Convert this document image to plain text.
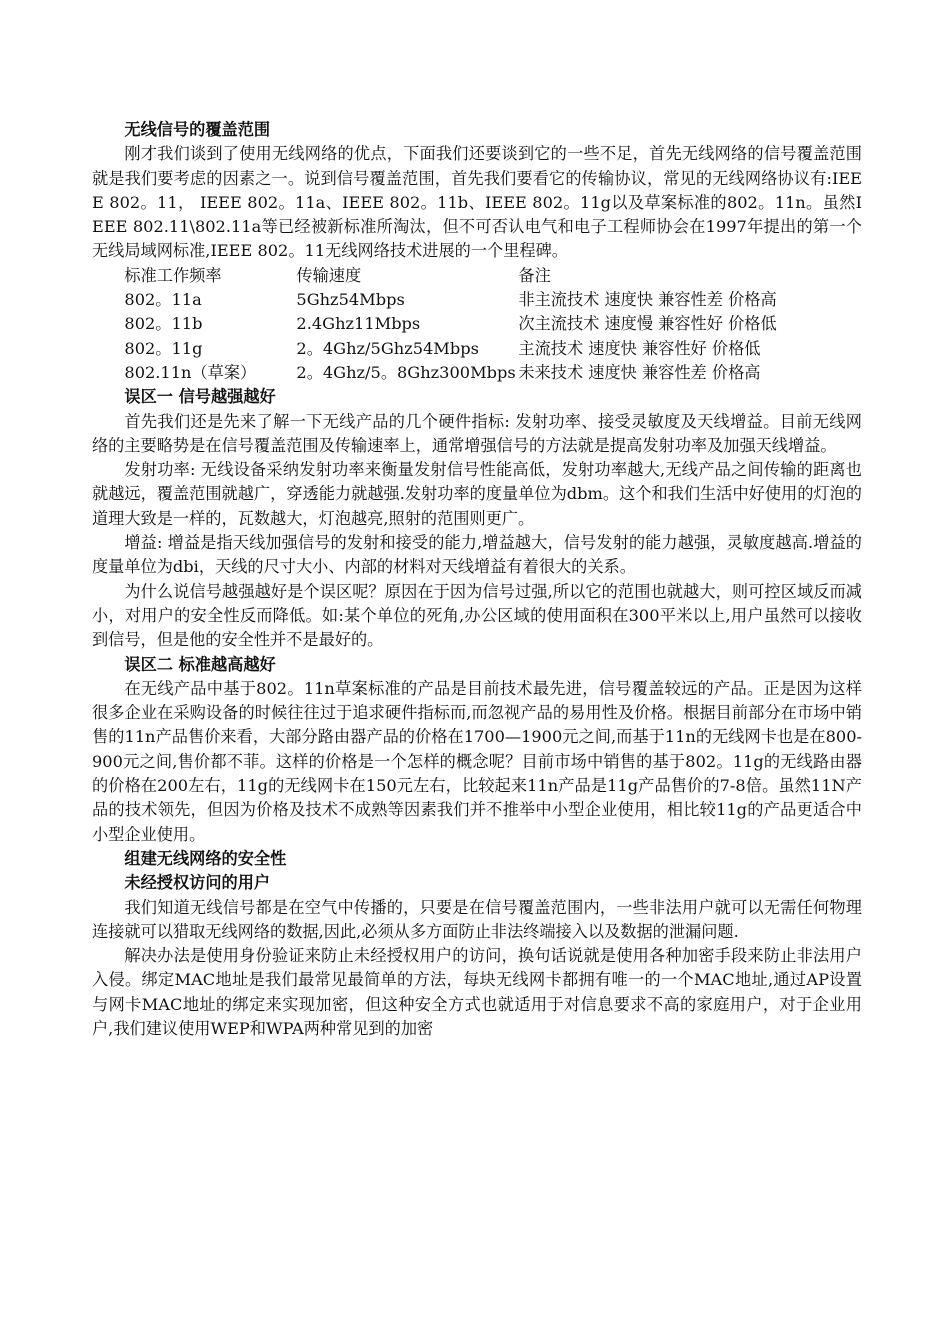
无线信号的覆盖范围
刚才我们谈到了使用无线网络的优点，下面我们还要谈到它的一些不足，首先无线网络的信号覆盖范围就是我们要考虑的因素之一。说到信号覆盖范围，首先我们要看它的传输协议，常见的无线网络协议有:IEEE 802。11， IEEE 802。11a、IEEE 802。11b、IEEE 802。11g以及草案标准的802。11n。虽然IEEE 802.11\802.11a等已经被新标准所淘汰，但不可否认电气和电子工程师协会在1997年提出的第一个无线局域网标准,IEEE 802。11无线网络技术进展的一个里程碑。
标准工作频率	传输速度	备注
802。11a	5Ghz54Mbps	非主流技术 速度快 兼容性差 价格高
802。11b	2.4Ghz11Mbps	次主流技术 速度慢 兼容性好 价格低
802。11g	2。4Ghz/5Ghz54Mbps	主流技术 速度快 兼容性好 价格低
802.11n（草案）	2。4Ghz/5。8Ghz300Mbps	未来技术 速度快 兼容性差 价格高
误区一 信号越强越好
首先我们还是先来了解一下无线产品的几个硬件指标: 发射功率、接受灵敏度及天线增益。目前无线网络的主要略势是在信号覆盖范围及传输速率上，通常增强信号的方法就是提高发射功率及加强天线增益。
发射功率: 无线设备采纳发射功率来衡量发射信号性能高低，发射功率越大,无线产品之间传输的距离也就越远，覆盖范围就越广，穿透能力就越强.发射功率的度量单位为dbm。这个和我们生活中好使用的灯泡的道理大致是一样的，瓦数越大，灯泡越亮,照射的范围则更广。
增益: 增益是指天线加强信号的发射和接受的能力,增益越大，信号发射的能力越强，灵敏度越高.增益的度量单位为dbi，天线的尺寸大小、内部的材料对天线增益有着很大的关系。
为什么说信号越强越好是个误区呢？原因在于因为信号过强,所以它的范围也就越大，则可控区域反而减小，对用户的安全性反而降低。如:某个单位的死角,办公区域的使用面积在300平米以上,用户虽然可以接收到信号，但是他的安全性并不是最好的。
误区二 标准越高越好
在无线产品中基于802。11n草案标准的产品是目前技术最先进，信号覆盖较远的产品。正是因为这样很多企业在采购设备的时候往往过于追求硬件指标而,而忽视产品的易用性及价格。根据目前部分在市场中销售的11n产品售价来看，大部分路由器产品的价格在1700—1900元之间,而基于11n的无线网卡也是在800-900元之间,售价都不菲。这样的价格是一个怎样的概念呢？目前市场中销售的基于802。11g的无线路由器的价格在200左右，11g的无线网卡在150元左右，比较起来11n产品是11g产品售价的7-8倍。虽然11N产品的技术领先，但因为价格及技术不成熟等因素我们并不推举中小型企业使用，相比较11g的产品更适合中小型企业使用。
组建无线网络的安全性
未经授权访问的用户
我们知道无线信号都是在空气中传播的，只要是在信号覆盖范围内，一些非法用户就可以无需任何物理连接就可以猎取无线网络的数据,因此,必须从多方面防止非法终端接入以及数据的泄漏问题.
解决办法是使用身份验证来防止未经授权用户的访问，换句话说就是使用各种加密手段来防止非法用户入侵。绑定MAC地址是我们最常见最简单的方法，每块无线网卡都拥有唯一的一个MAC地址,通过AP设置与网卡MAC地址的绑定来实现加密，但这种安全方式也就适用于对信息要求不高的家庭用户，对于企业用户,我们建议使用WEP和WPA两种常见到的加密
